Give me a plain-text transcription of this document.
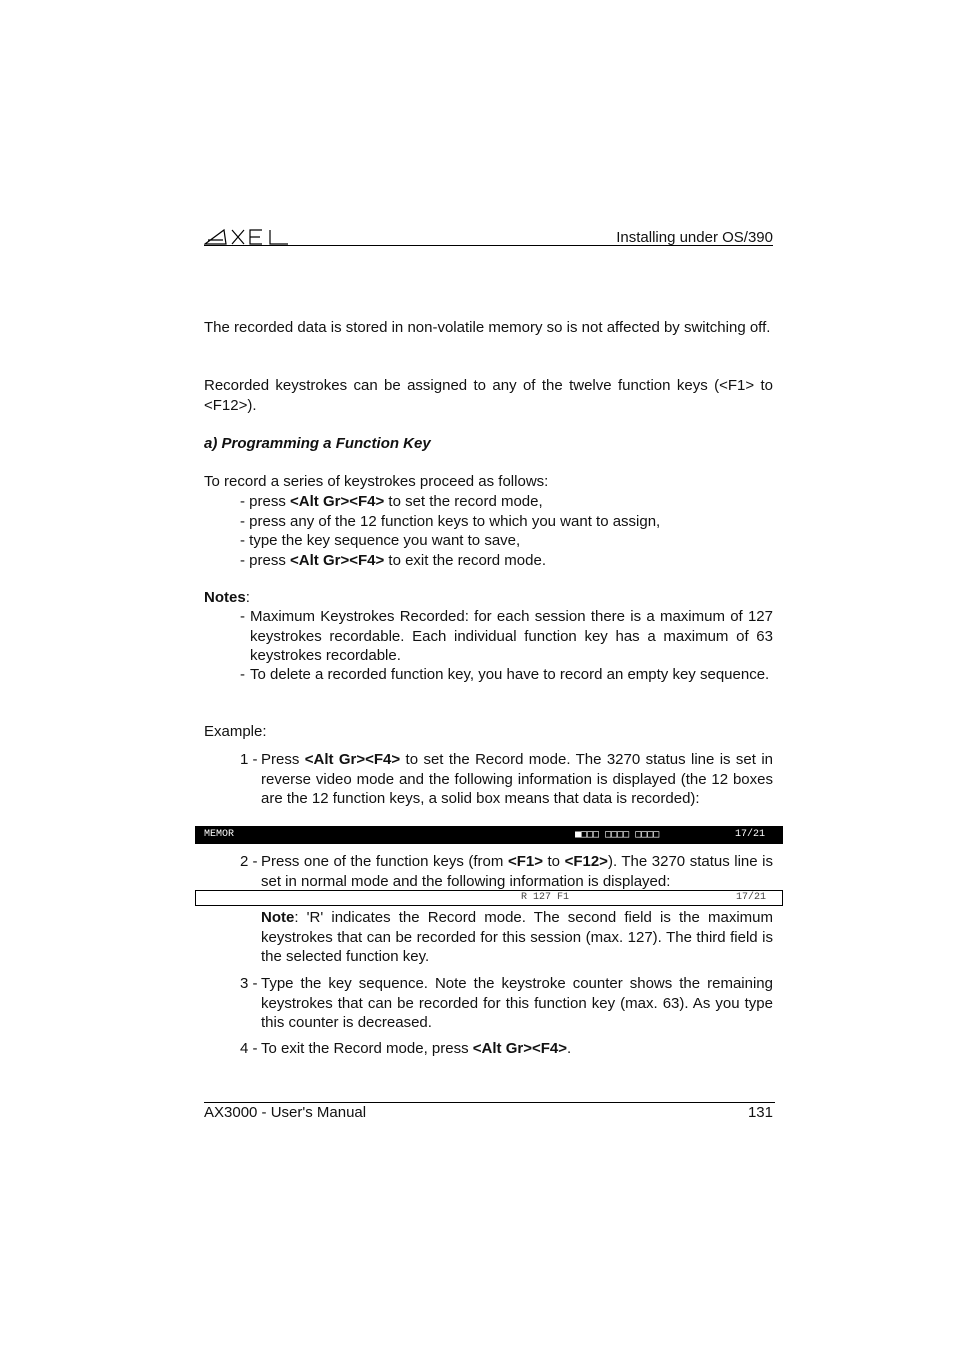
Installing under OS/390
The recorded data is stored in non-volatile memory so is not affected by switching off.
Recorded keystrokes can be assigned to any of the twelve function keys (<F1> to <F12>).
a) Programming a Function Key
To record a series of keystrokes proceed as follows:
- press <Alt Gr><F4> to set the record mode,
- press any of the 12 function keys to which you want to assign,
- type the key sequence you want to save,
- press <Alt Gr><F4> to exit the record mode.
Notes:
- Maximum Keystrokes Recorded: for each session there is a maximum of 127 keystrokes recordable. Each individual function key has a maximum of 63 keystrokes recordable.
- To delete a recorded function key, you have to record an empty key sequence.
Example:
1 - Press <Alt Gr><F4> to set the Record mode. The 3270 status line is set in reverse video mode and the following information is displayed (the 12 boxes are the 12 function keys, a solid box means that data is recorded):
MEMOR	■□□□ □□□□ □□□□	17/21
2 - Press one of the function keys (from <F1> to <F12>). The 3270 status line is set in normal mode and the following information is displayed:
R 127 F1	17/21
Note: 'R' indicates the Record mode. The second field is the maximum keystrokes that can be recorded for this session (max. 127). The third field is the selected function key.
3 - Type the key sequence. Note the keystroke counter shows the remaining keystrokes that can be recorded for this function key (max. 63). As you type this counter is decreased.
4 - To exit the Record mode, press <Alt Gr><F4>.
AX3000 - User's Manual	131
